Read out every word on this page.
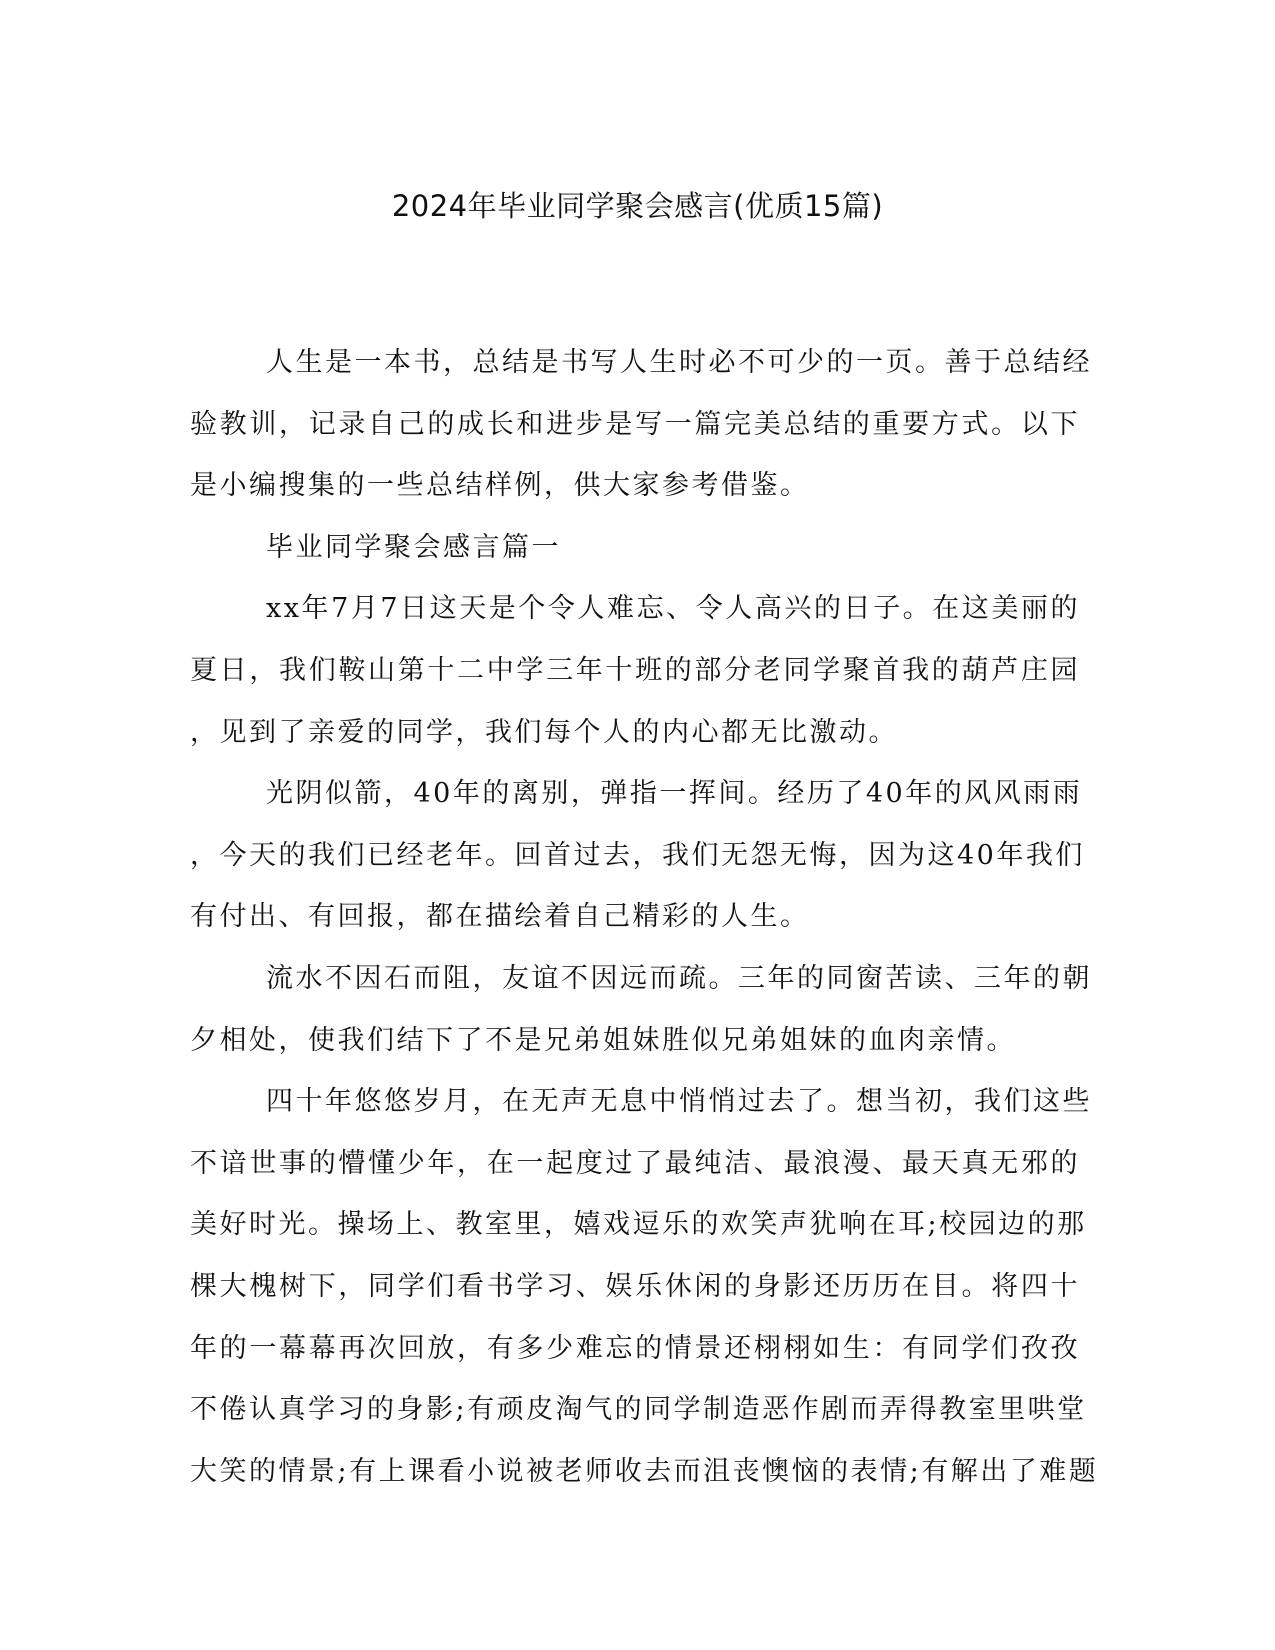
2024年毕业同学聚会感言(优质15篇)
人生是一本书，总结是书写人生时必不可少的一页。善于总结经
验教训，记录自己的成长和进步是写一篇完美总结的重要方式。以下
是小编搜集的一些总结样例，供大家参考借鉴。
毕业同学聚会感言篇一
xx年7月7日这天是个令人难忘、令人高兴的日子。在这美丽的
夏日，我们鞍山第十二中学三年十班的部分老同学聚首我的葫芦庄园
，见到了亲爱的同学，我们每个人的内心都无比激动。
光阴似箭，40年的离别，弹指一挥间。经历了40年的风风雨雨
，今天的我们已经老年。回首过去，我们无怨无悔，因为这40年我们
有付出、有回报，都在描绘着自己精彩的人生。
流水不因石而阻，友谊不因远而疏。三年的同窗苦读、三年的朝
夕相处，使我们结下了不是兄弟姐妹胜似兄弟姐妹的血肉亲情。
四十年悠悠岁月，在无声无息中悄悄过去了。想当初，我们这些
不谙世事的懵懂少年，在一起度过了最纯洁、最浪漫、最天真无邪的
美好时光。操场上、教室里，嬉戏逗乐的欢笑声犹响在耳;校园边的那
棵大槐树下，同学们看书学习、娱乐休闲的身影还历历在目。将四十
年的一幕幕再次回放，有多少难忘的情景还栩栩如生：有同学们孜孜
不倦认真学习的身影;有顽皮淘气的同学制造恶作剧而弄得教室里哄堂
大笑的情景;有上课看小说被老师收去而沮丧懊恼的表情;有解出了难题
